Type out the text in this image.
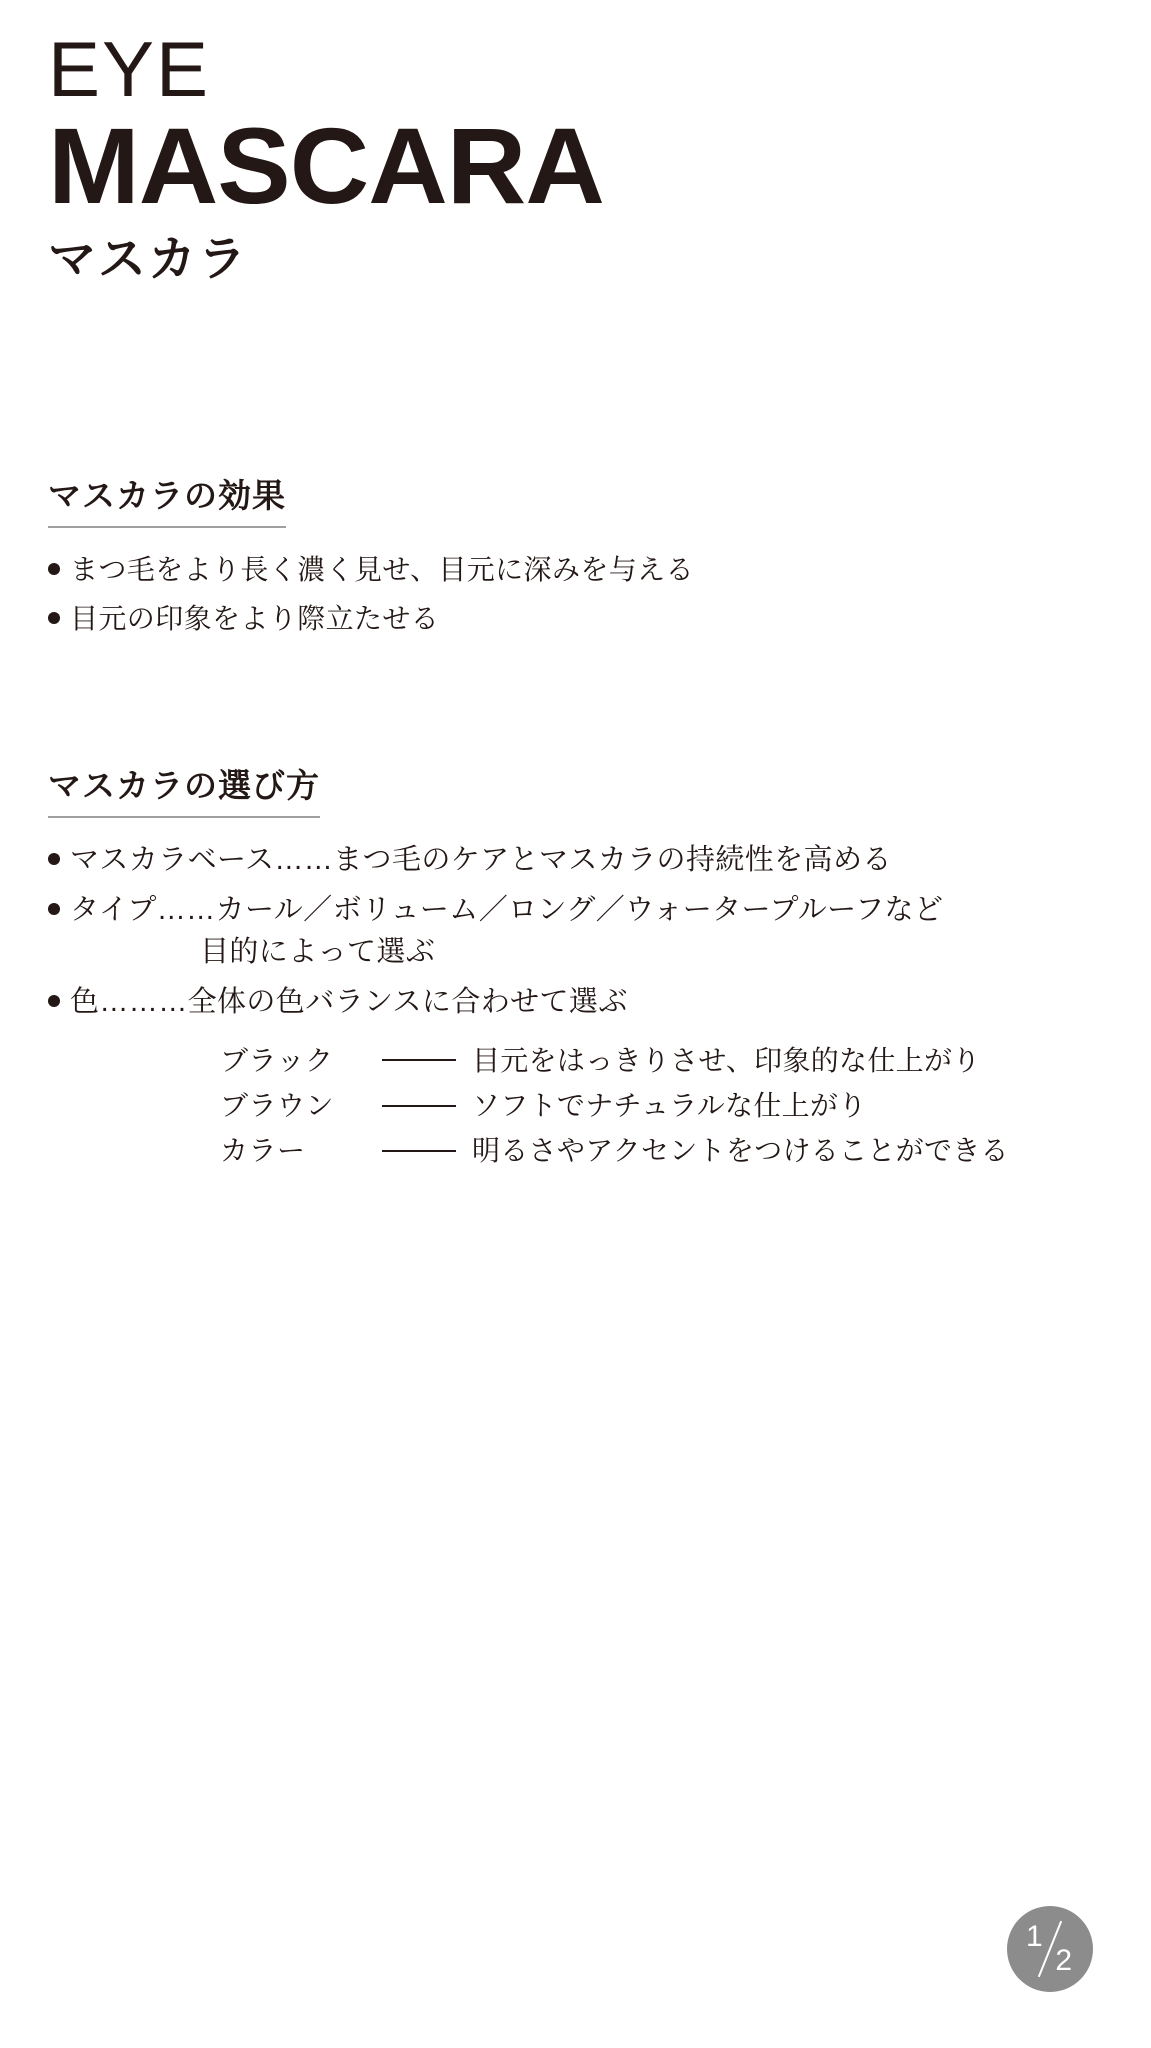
EYE
MASCARA
マスカラ
マスカラの効果
まつ毛をより長く濃く見せ、目元に深みを与える
目元の印象をより際立たせる
マスカラの選び方
マスカラベース……まつ毛のケアとマスカラの持続性を高める
タイプ……カール／ボリューム／ロング／ウォータープルーフなど
目的によって選ぶ
色………全体の色バランスに合わせて選ぶ
ブラック	目元をはっきりさせ、印象的な仕上がり
ブラウン	ソフトでナチュラルな仕上がり
カラー	明るさやアクセントをつけることができる
1
2
